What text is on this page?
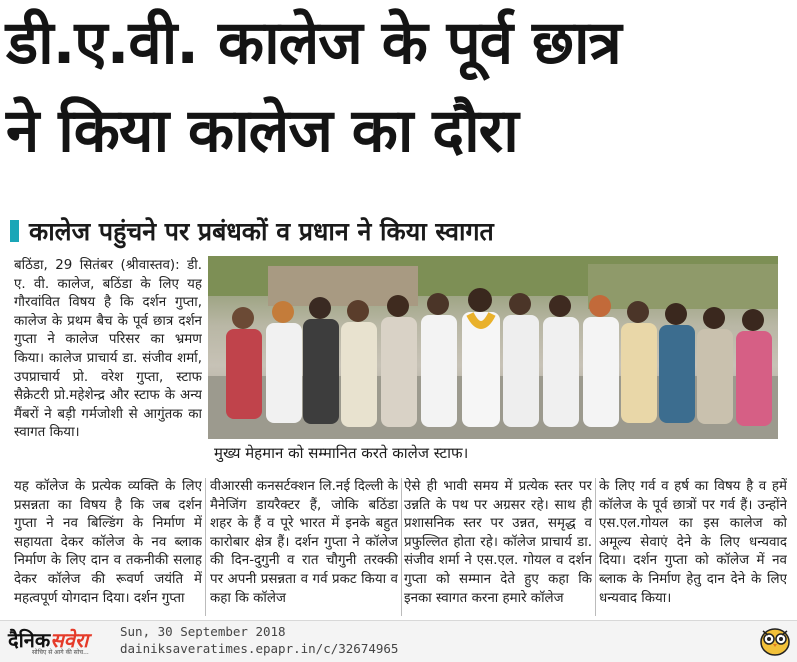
डी.ए.वी. कालेज के पूर्व छात्र
ने किया कालेज का दौरा
कालेज पहुंचने पर प्रबंधकों व प्रधान ने किया स्वागत
बठिंडा, 29 सितंबर (श्रीवास्तव): डी. ए. वी. कालेज, बठिंडा के लिए यह गौरवांवित विषय है कि दर्शन गुप्ता, कालेज के प्रथम बैच के पूर्व छात्र दर्शन गुप्ता ने कालेज परिसर का भ्रमण किया। कालेज प्राचार्य डा. संजीव शर्मा, उपप्राचार्य प्रो. वरेश गुप्ता, स्टाफ सैक्रेटरी प्रो.महेशेन्द्र और स्टाफ के अन्य मैंबरों ने बड़ी गर्मजोशी से आगुंतक का स्वागत किया।
मुख्य मेहमान को सम्मानित करते कालेज स्टाफ।
यह कॉलेज के प्रत्येक व्यक्ति के लिए प्रसन्नता का विषय है कि जब दर्शन गुप्ता ने नव बिल्डिंग के निर्माण में सहायता देकर कॉलेज के नव ब्लाक निर्माण के लिए दान व तकनीकी सलाह देकर कॉलेज की रूवर्ण जयंति में महत्वपूर्ण योगदान दिया। दर्शन गुप्ता
वीआरसी कनसर्टक्शन लि.नई दिल्ली के मैनेजिंग डायरैक्टर हैं, जोकि बठिंडा शहर के हैं व पूरे भारत में इनके बहुत कारोबार क्षेत्र हैं। दर्शन गुप्ता ने कॉलेज की दिन-दुगुनी व रात चौगुनी तरक्की पर अपनी प्रसन्नता व गर्व प्रकट किया व कहा कि कॉलेज
ऐसे ही भावी समय में प्रत्येक स्तर पर उन्नति के पथ पर अग्रसर रहे। साथ ही प्रशासनिक स्तर पर उन्नत, समृद्ध व प्रफुल्लित होता रहे। कॉलेज प्राचार्य डा. संजीव शर्मा ने एस.एल. गोयल व दर्शन गुप्ता को सम्मान देते हुए कहा कि इनका स्वागत करना हमारे कॉलेज
के लिए गर्व व हर्ष का विषय है व हमें कॉलेज के पूर्व छात्रों पर गर्व हैं। उन्होंने एस.एल.गोयल का इस कालेज को अमूल्य सेवाएं देने के लिए धन्यवाद दिया। दर्शन गुप्ता को कॉलेज में नव ब्लाक के निर्माण हेतु दान देने के लिए धन्यवाद किया।
दैनिकसवेरा
सोचिए से आगे की सोच...
Sun, 30 September 2018
dainiksaveratimes.epapr.in/c/32674965
